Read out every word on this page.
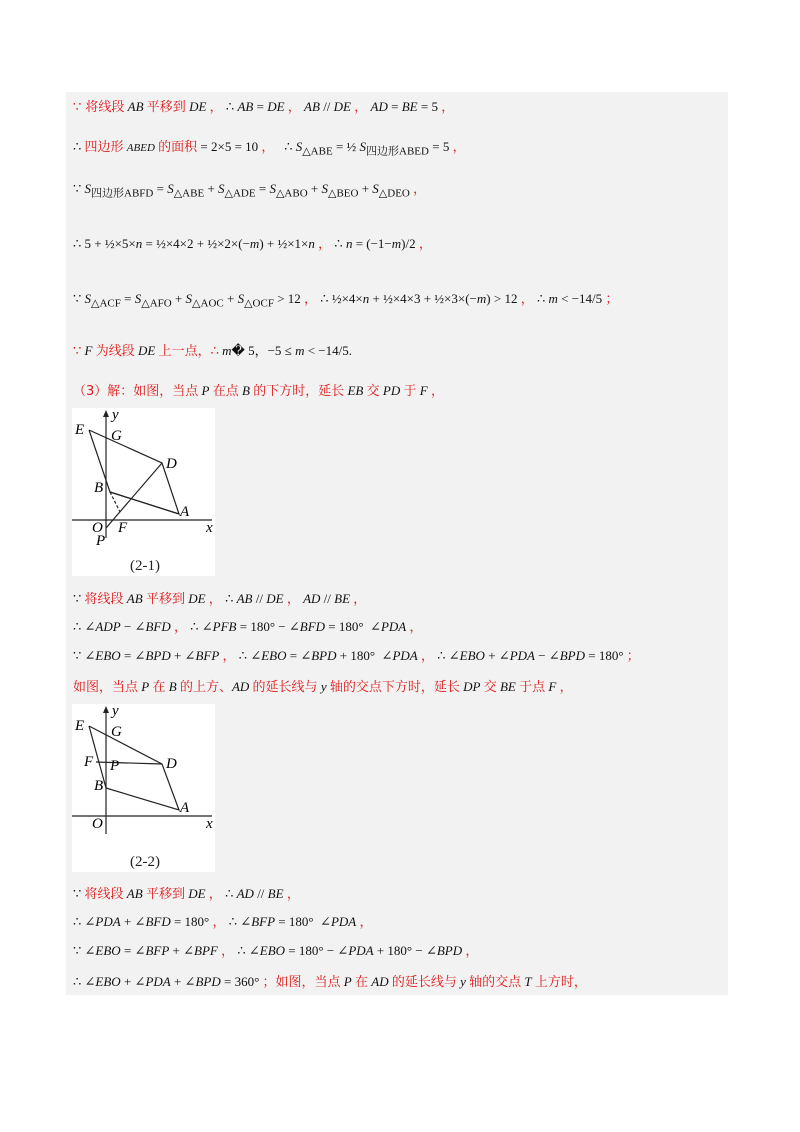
∵ 将线段 AB 平移到 DE ， ∴ AB = DE ， AB // DE ， AD = BE = 5 ，
∴ 四边形 ABED 的面积 = 2×5 = 10 ，   ∴ $S_{\triangle ABE}$ = ½ $S_{四边形ABED} = 5$ ，
∵ $S_{四边形ABFD} = S_{\triangle ABE} + S_{\triangle ADE} = S_{\triangle ABO} + S_{\triangle BEO} + S_{\triangle DEO}$ ，
∴ 5 + ½×5×n = ½×4×2 + ½×2×(−m) + ½×1×n ， ∴ n = (−1−m)/2 ，
∵ $S_{\triangle ACF} = S_{\triangle AFO} + S_{\triangle AOC} + S_{\triangle OCF} > 12$ ， ∴ ½×4×n + ½×4×3 + ½×3×(−m) > 12 ， ∴ m < −14/5 ；
∵ F 为线段 DE 上一点，∴ m� 5，−5 ≤ m < −14/5.
（3）解：如图，当点 P 在点 B 的下方时，延长 EB 交 PD 于 F ，
E G
D
B
A
O F
P
x
y
(2-1)
∵ 将线段 AB 平移到 DE ， ∴ AB // DE ， AD // BE ，
∴ ∠ADP − ∠BFD ， ∴ ∠PFB = 180° − ∠BFD = 180°  ∠PDA ，
∵ ∠EBO = ∠BPD + ∠BFP ， ∴ ∠EBO = ∠BPD + 180°  ∠PDA ， ∴ ∠EBO + ∠PDA − ∠BPD = 180° ；
如图，当点 P 在 B 的上方、AD 的延长线与 y 轴的交点下方时，延长 DP 交 BE 于点 F ，
E G
F P	D
B
A
O	x
y
(2-2)
∵ 将线段 AB 平移到 DE ， ∴ AD // BE ，
∴ ∠PDA + ∠BFD = 180° ， ∴ ∠BFP = 180°  ∠PDA ，
∵ ∠EBO = ∠BFP + ∠BPF ， ∴ ∠EBO = 180° − ∠PDA + 180° − ∠BPD ，
∴ ∠EBO + ∠PDA + ∠BPD = 360° ；如图，当点 P 在 AD 的延长线与 y 轴的交点 T 上方时，
